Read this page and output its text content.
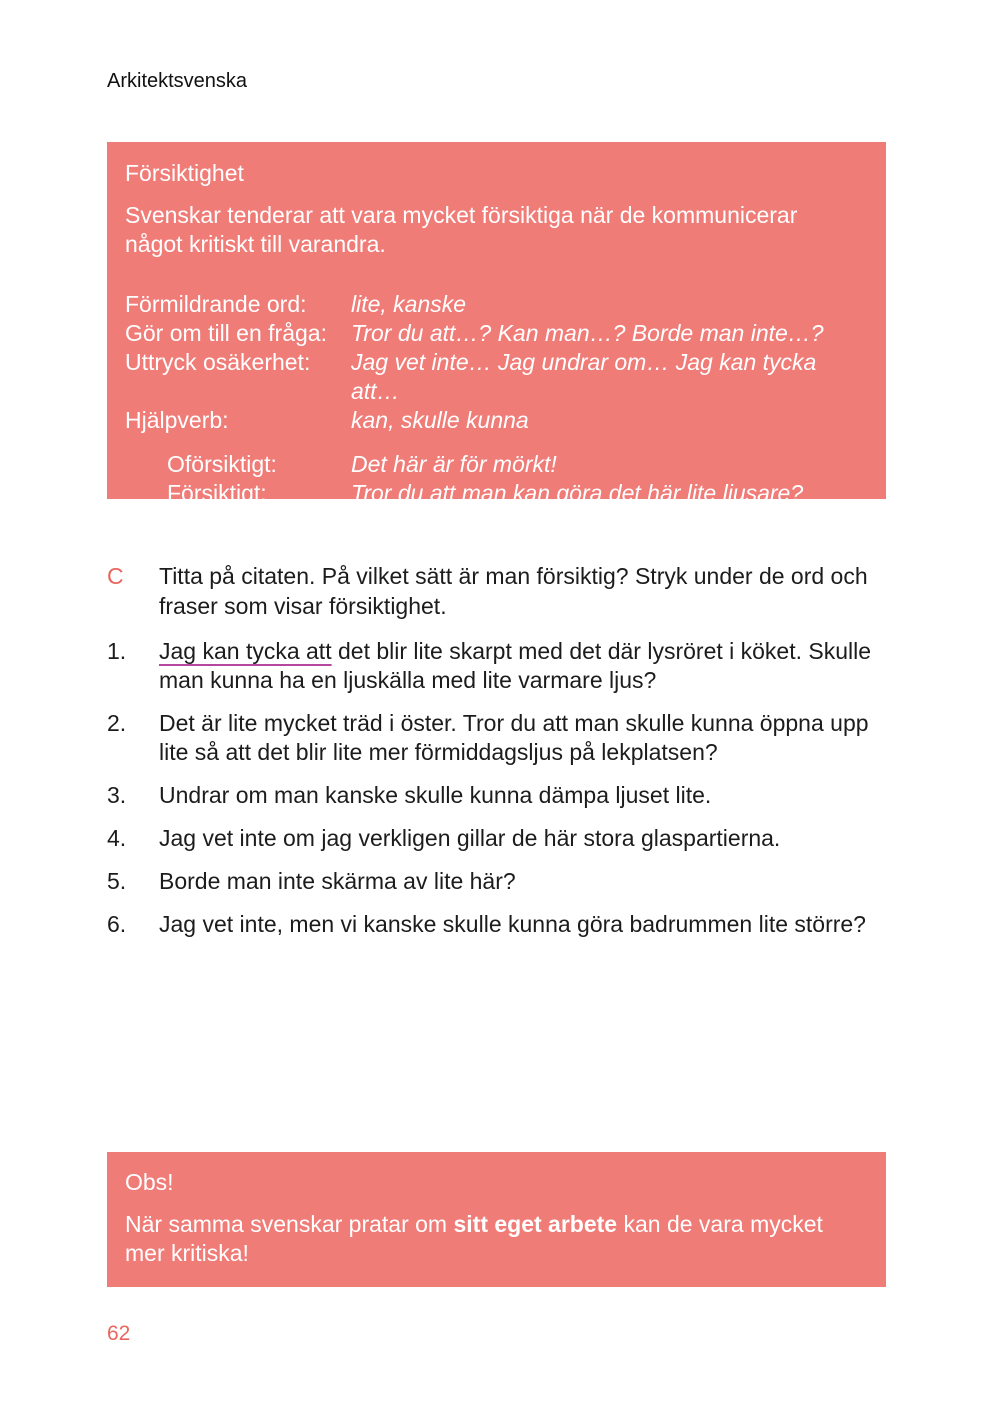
Arkitektsvenska
Försiktighet
Svenskar tenderar att vara mycket försiktiga när de kommunicerar något kritiskt till varandra.
Förmildrande ord:	lite, kanske
Gör om till en fråga:	Tror du att…? Kan man…? Borde man inte…?
Uttryck osäkerhet:	Jag vet inte… Jag undrar om… Jag kan tycka att…
Hjälpverb:	kan, skulle kunna
Oförsiktigt:	Det här är för mörkt!
Försiktigt:	Tror du att man kan göra det här lite ljusare?
C	Titta på citaten. På vilket sätt är man försiktig? Stryk under de ord och fraser som visar försiktighet.
1.	Jag kan tycka att det blir lite skarpt med det där lysröret i köket. Skulle man kunna ha en ljuskälla med lite varmare ljus?
2.	Det är lite mycket träd i öster. Tror du att man skulle kunna öppna upp lite så att det blir lite mer förmiddagsljus på lekplatsen?
3.	Undrar om man kanske skulle kunna dämpa ljuset lite.
4.	Jag vet inte om jag verkligen gillar de här stora glaspartierna.
5.	Borde man inte skärma av lite här?
6.	Jag vet inte, men vi kanske skulle kunna göra badrummen lite större?
Obs!
När samma svenskar pratar om sitt eget arbete kan de vara mycket mer kritiska!
62
